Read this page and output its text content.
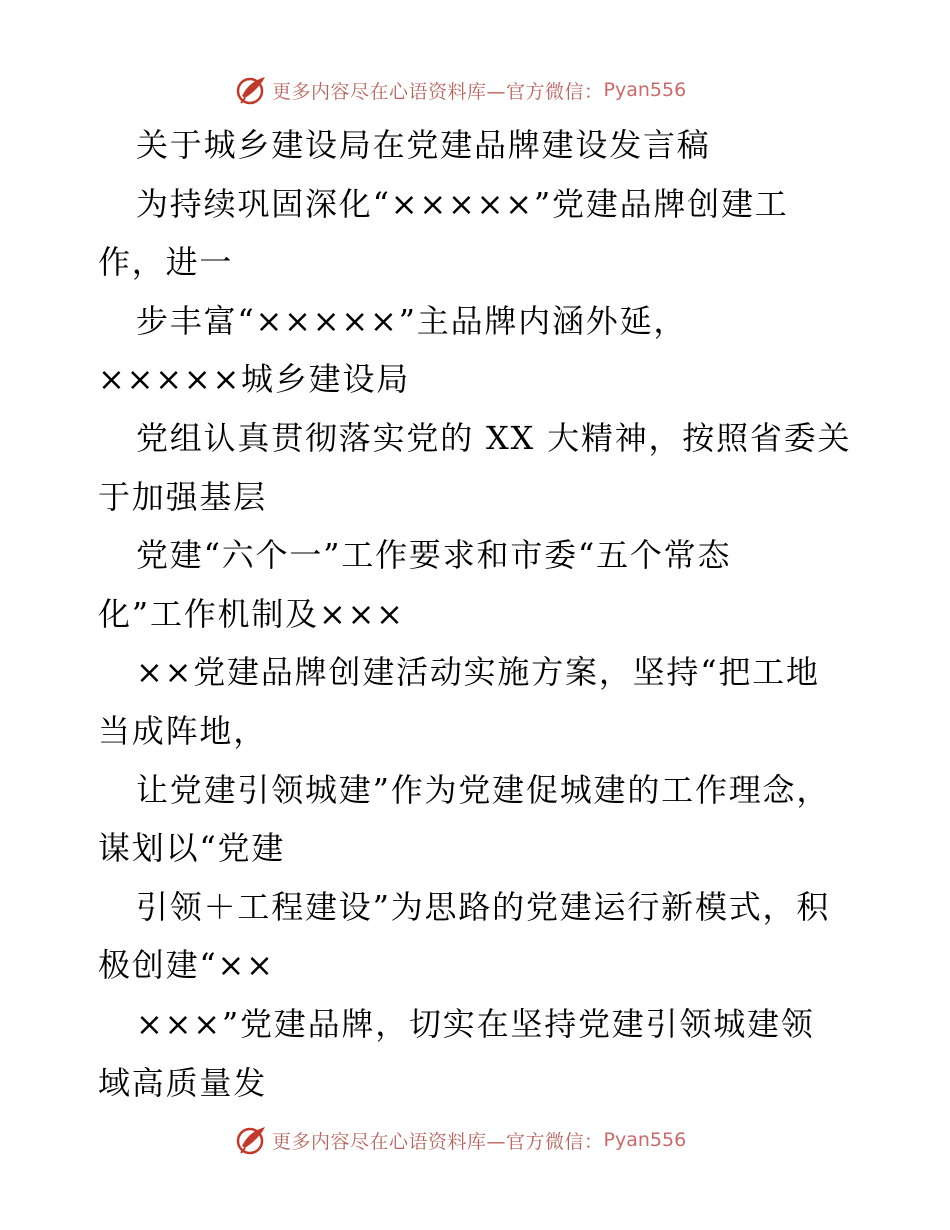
更多内容尽在心语资料库—官方微信： Pyan556
关于城乡建设局在党建品牌建设发言稿
为持续巩固深化“×××××”党建品牌创建工
作，进一
步丰富“×××××”主品牌内涵外延，
×××××城乡建设局
党组认真贯彻落实党的 XX 大精神，按照省委关
于加强基层
党建“六个一”工作要求和市委“五个常态
化”工作机制及×××
××党建品牌创建活动实施方案，坚持“把工地
当成阵地，
让党建引领城建”作为党建促城建的工作理念，
谋划以“党建
引领＋工程建设”为思路的党建运行新模式，积
极创建“××
×××”党建品牌，切实在坚持党建引领城建领
域高质量发
更多内容尽在心语资料库—官方微信： Pyan556
